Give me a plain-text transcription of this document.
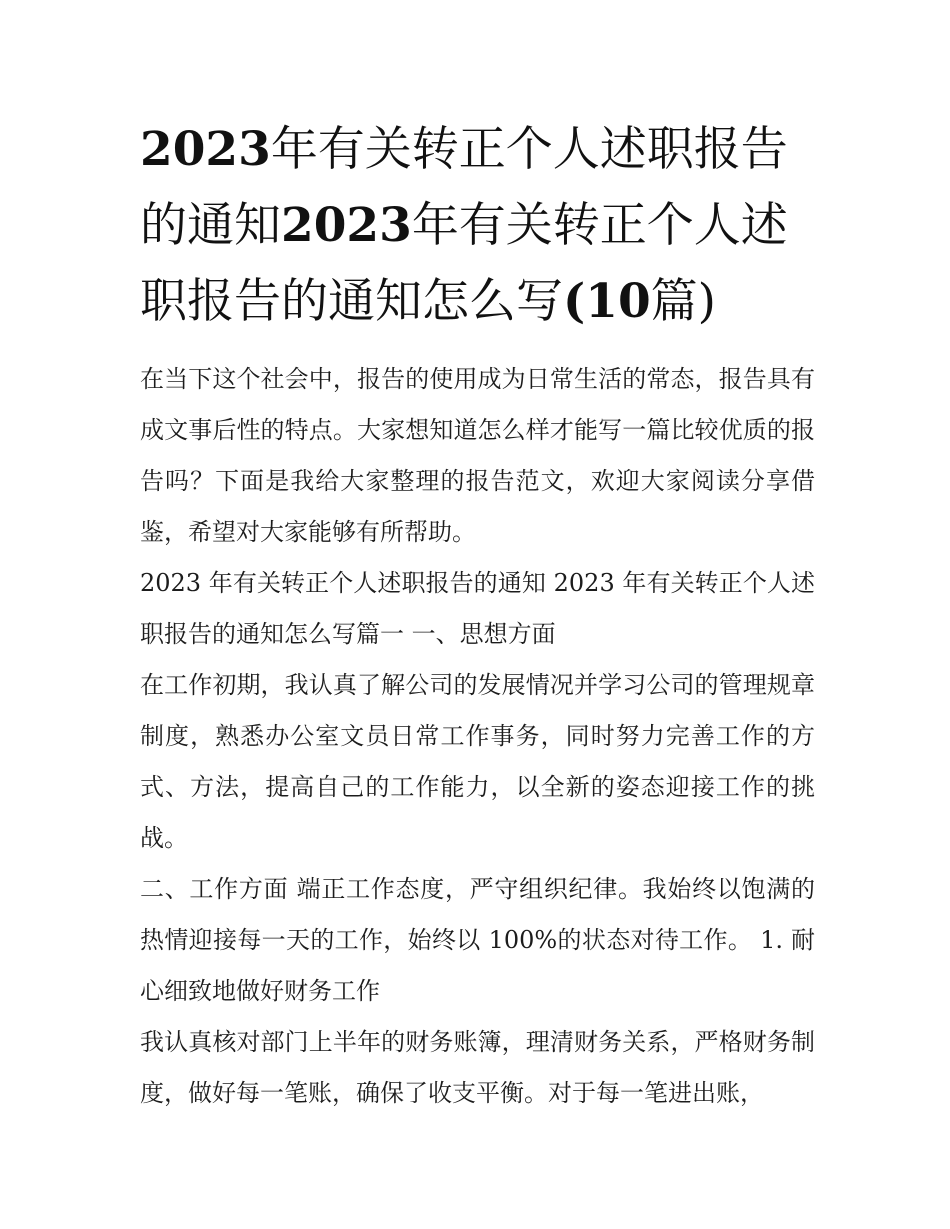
2023年有关转正个人述职报告的通知2023年有关转正个人述职报告的通知怎么写(10篇)

在当下这个社会中，报告的使用成为日常生活的常态，报告具有成文事后性的特点。大家想知道怎么样才能写一篇比较优质的报告吗？下面是我给大家整理的报告范文，欢迎大家阅读分享借鉴，希望对大家能够有所帮助。

2023 年有关转正个人述职报告的通知 2023 年有关转正个人述职报告的通知怎么写篇一 一、思想方面

在工作初期，我认真了解公司的发展情况并学习公司的管理规章制度，熟悉办公室文员日常工作事务，同时努力完善工作的方式、方法，提高自己的工作能力，以全新的姿态迎接工作的挑战。

二、工作方面 端正工作态度，严守组织纪律。我始终以饱满的热情迎接每一天的工作，始终以 100%的状态对待工作。 1. 耐心细致地做好财务工作

我认真核对部门上半年的财务账簿，理清财务关系，严格财务制度，做好每一笔账，确保了收支平衡。对于每一笔进出账，
